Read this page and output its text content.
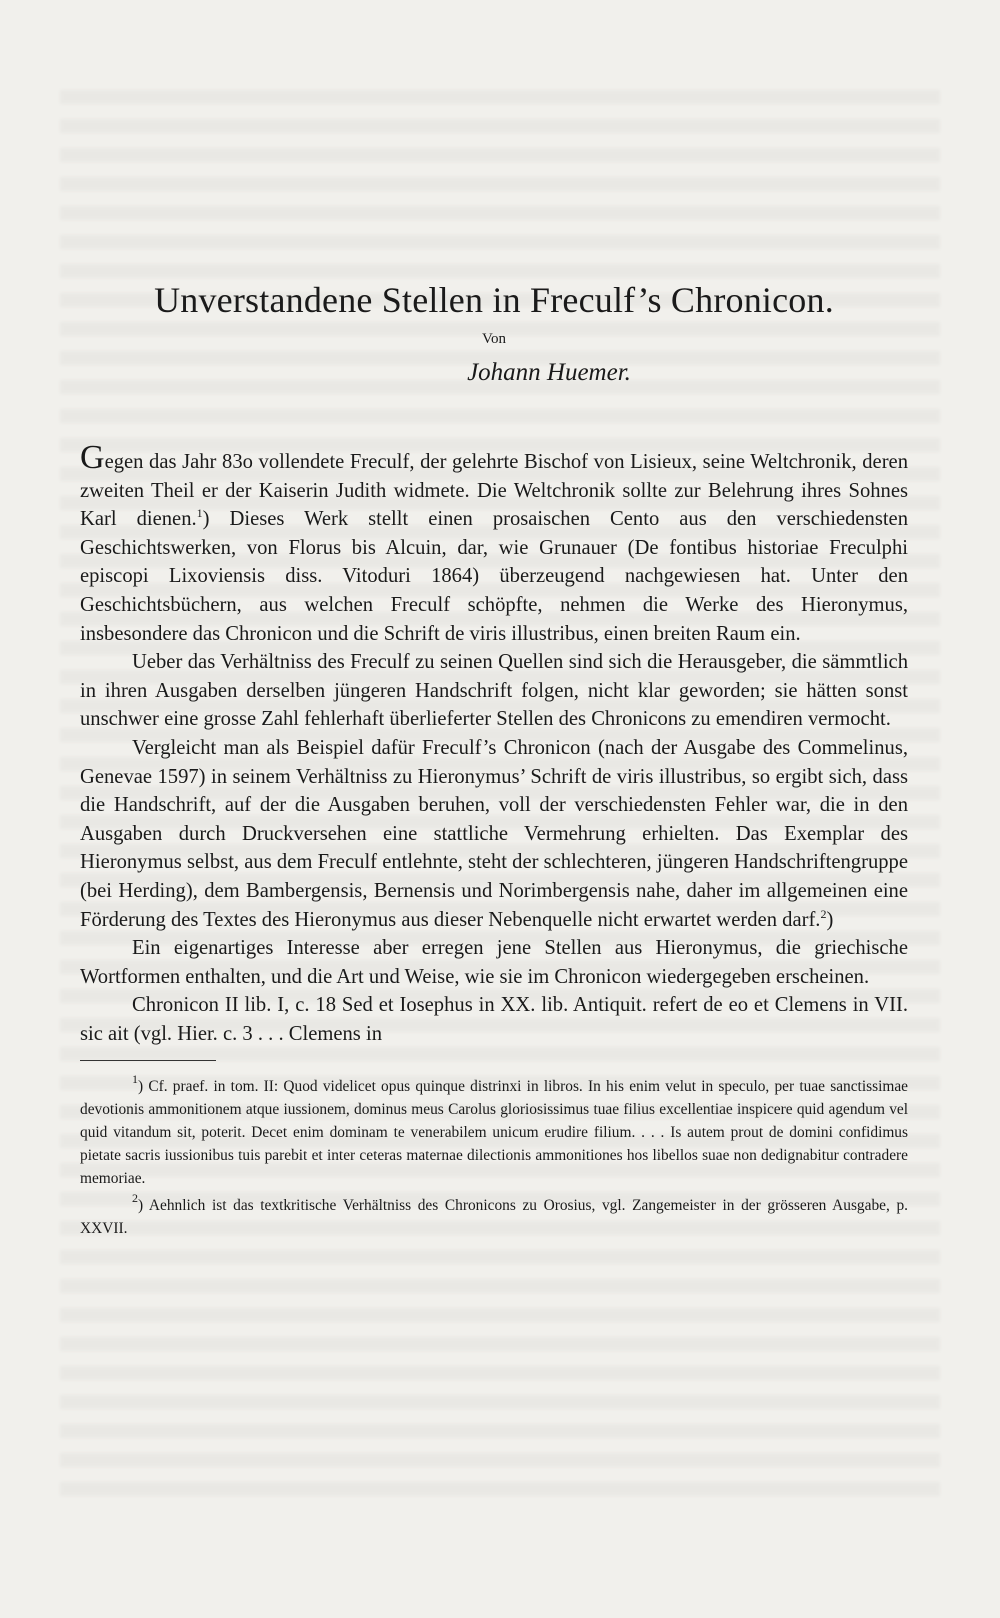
Unverstandene Stellen in Freculf’s Chronicon.
Von
Johann Huemer.

Gegen das Jahr 83o vollendete Freculf, der gelehrte Bischof von Lisieux, seine Weltchronik, deren zweiten Theil er der Kaiserin Judith widmete. Die Weltchronik sollte zur Belehrung ihres Sohnes Karl dienen.$^1$) Dieses Werk stellt einen prosaischen Cento aus den verschiedensten Geschichtswerken, von Florus bis Alcuin, dar, wie Grunauer (De fontibus historiae Freculphi episcopi Lixoviensis diss. Vitoduri 1864) überzeugend nachgewiesen hat. Unter den Geschichtsbüchern, aus welchen Freculf schöpfte, nehmen die Werke des Hieronymus, insbesondere das Chronicon und die Schrift de viris illustribus, einen breiten Raum ein.

Ueber das Verhältniss des Freculf zu seinen Quellen sind sich die Herausgeber, die sämmtlich in ihren Ausgaben derselben jüngeren Handschrift folgen, nicht klar geworden; sie hätten sonst unschwer eine grosse Zahl fehlerhaft überlieferter Stellen des Chronicons zu emendiren vermocht.

Vergleicht man als Beispiel dafür Freculf’s Chronicon (nach der Ausgabe des Commelinus, Genevae 1597) in seinem Verhältniss zu Hieronymus’ Schrift de viris illustribus, so ergibt sich, dass die Handschrift, auf der die Ausgaben beruhen, voll der verschiedensten Fehler war, die in den Ausgaben durch Druckversehen eine stattliche Vermehrung erhielten. Das Exemplar des Hieronymus selbst, aus dem Freculf entlehnte, steht der schlechteren, jüngeren Handschriftengruppe (bei Herding), dem Bambergensis, Bernensis und Norimbergensis nahe, daher im allgemeinen eine Förderung des Textes des Hieronymus aus dieser Nebenquelle nicht erwartet werden darf.$^2$)

Ein eigenartiges Interesse aber erregen jene Stellen aus Hieronymus, die griechische Wortformen enthalten, und die Art und Weise, wie sie im Chronicon wiedergegeben erscheinen.

Chronicon II lib. I, c. 18 Sed et Iosephus in XX. lib. Antiquit. refert de eo et Clemens in VII. sic ait (vgl. Hier. c. 3 . . . Clemens in

$^1$) Cf. praef. in tom. II: Quod videlicet opus quinque distrinxi in libros. In his enim velut in speculo, per tuae sanctissimae devotionis ammonitionem atque iussionem, dominus meus Carolus gloriosissimus tuae filius excellentiae inspicere quid agendum vel quid vitandum sit, poterit. Decet enim dominam te venerabilem unicum erudire filium. . . . Is autem prout de domini confidimus pietate sacris iussionibus tuis parebit et inter ceteras maternae dilectionis ammonitiones hos libellos suae non dedignabitur contradere memoriae.

$^2$) Aehnlich ist das textkritische Verhältniss des Chronicons zu Orosius, vgl. Zangemeister in der grösseren Ausgabe, p. XXVII.
